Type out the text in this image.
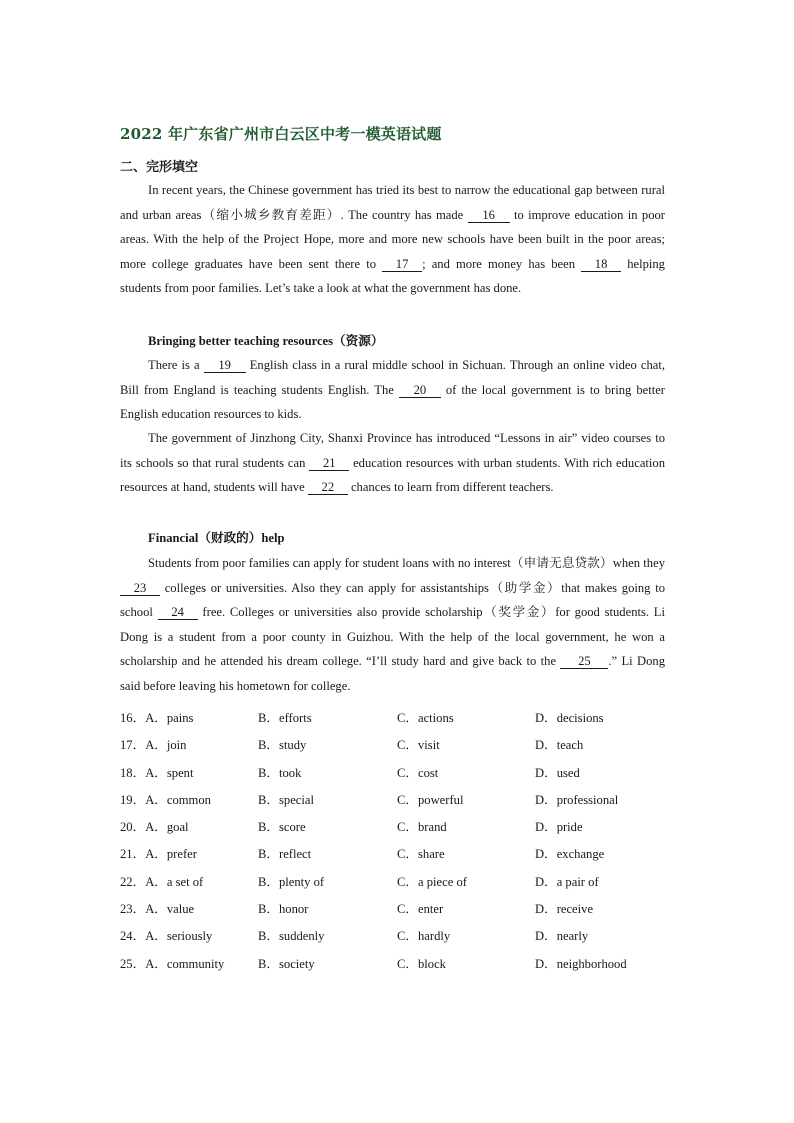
2022 年广东省广州市白云区中考一模英语试题
二、完形填空
In recent years, the Chinese government has tried its best to narrow the educational gap between rural and urban areas（缩小城乡教育差距）. The country has made 16 to improve education in poor areas. With the help of the Project Hope, more and more new schools have been built in the poor areas; more college graduates have been sent there to 17 ; and more money has been 18 helping students from poor families. Let’s take a look at what the government has done.
Bringing better teaching resources（资源）
There is a 19 English class in a rural middle school in Sichuan. Through an online video chat, Bill from England is teaching students English. The 20 of the local government is to bring better English education resources to kids.
The government of Jinzhong City, Shanxi Province has introduced “Lessons in air” video courses to its schools so that rural students can 21 education resources with urban students. With rich education resources at hand, students will have 22 chances to learn from different teachers.
Financial（财政的）help
Students from poor families can apply for student loans with no interest（申请无息贷款）when they 23 colleges or universities. Also they can apply for assistantships（助学金）that makes going to school 24 free. Colleges or universities also provide scholarship（奖学金）for good students. Li Dong is a student from a poor county in Guizhou. With the help of the local government, he won a scholarship and he attended his dream college. “I’ll study hard and give back to the 25 .” Li Dong said before leaving his hometown for college.
16．A．pains	B．efforts	C．actions	D．decisions
17．A．join	B．study	C．visit	D．teach
18．A．spent	B．took	C．cost	D．used
19．A．common	B．special	C．powerful	D．professional
20．A．goal	B．score	C．brand	D．pride
21．A．prefer	B．reflect	C．share	D．exchange
22．A．a set of	B．plenty of	C．a piece of	D．a pair of
23．A．value	B．honor	C．enter	D．receive
24．A．seriously	B．suddenly	C．hardly	D．nearly
25．A．community	B．society	C．block	D．neighborhood
